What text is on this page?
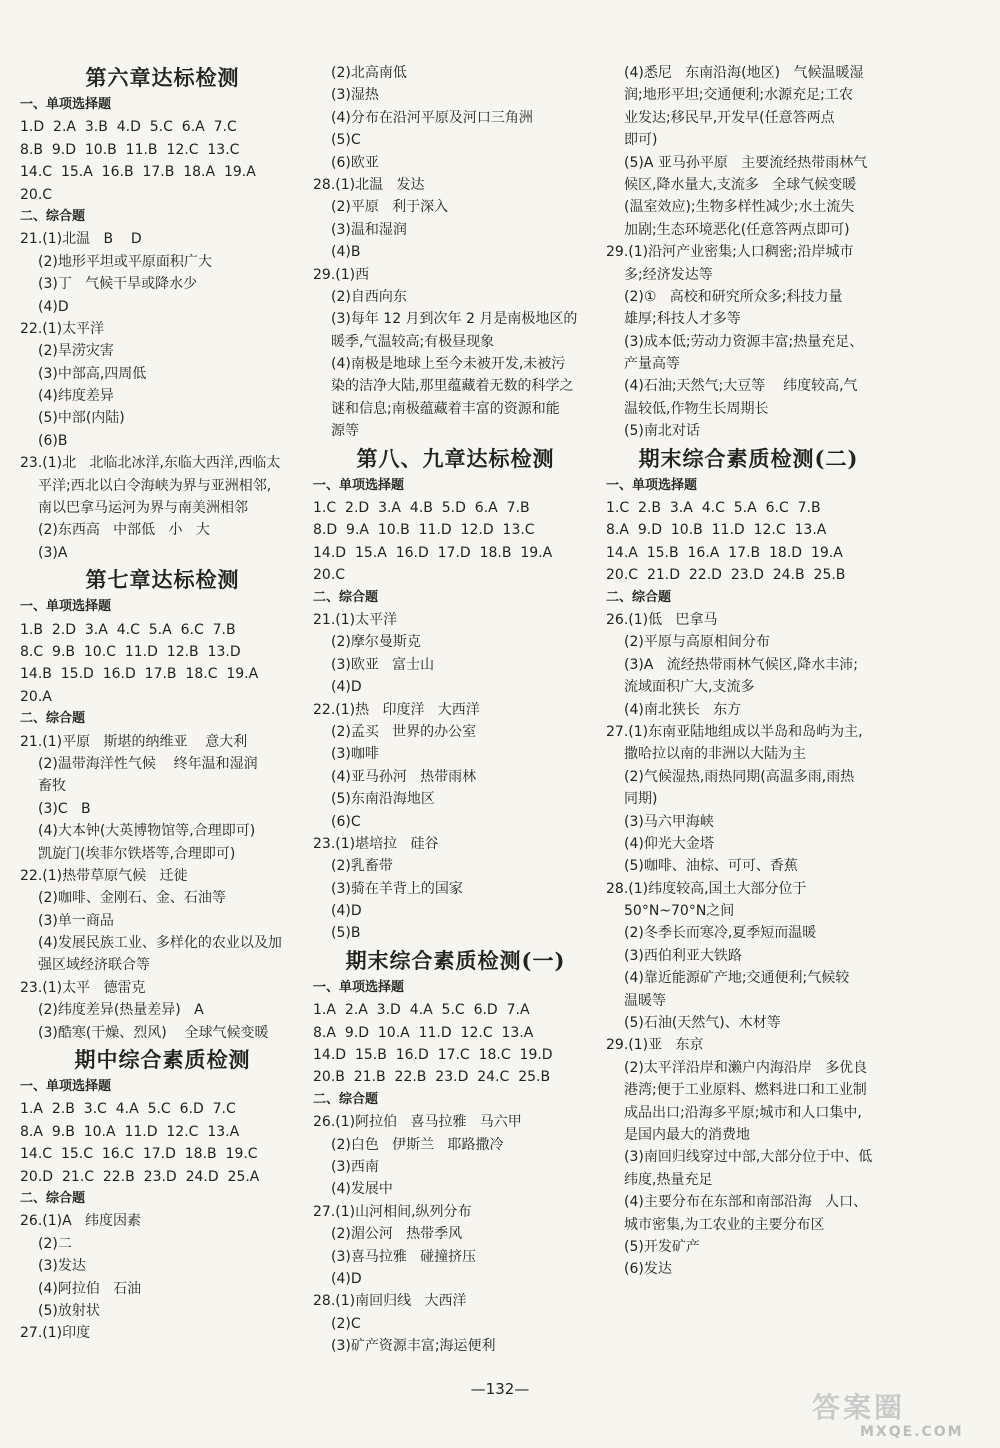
第六章达标检测
一、单项选择题
1.D  2.A  3.B  4.D  5.C  6.A  7.C
8.B  9.D  10.B  11.B  12.C  13.C
14.C  15.A  16.B  17.B  18.A  19.A
20.C
二、综合题
21.(1)北温   B    D
(2)地形平坦或平原面积广大
(3)丁   气候干旱或降水少
(4)D
22.(1)太平洋
(2)旱涝灾害
(3)中部高,四周低
(4)纬度差异
(5)中部(内陆)
(6)B
23.(1)北   北临北冰洋,东临大西洋,西临太
平洋;西北以白令海峡为界与亚洲相邻,
南以巴拿马运河为界与南美洲相邻
(2)东西高   中部低   小   大
(3)A
第七章达标检测
一、单项选择题
1.B  2.D  3.A  4.C  5.A  6.C  7.B
8.C  9.B  10.C  11.D  12.B  13.D
14.B  15.D  16.D  17.B  18.C  19.A
20.A
二、综合题
21.(1)平原   斯堪的纳维亚    意大利
(2)温带海洋性气候    终年温和湿润
畜牧
(3)C   B
(4)大本钟(大英博物馆等,合理即可)
凯旋门(埃菲尔铁塔等,合理即可)
22.(1)热带草原气候   迁徙
(2)咖啡、金刚石、金、石油等
(3)单一商品
(4)发展民族工业、多样化的农业以及加
强区域经济联合等
23.(1)太平   德雷克
(2)纬度差异(热量差异)   A
(3)酷寒(干燥、烈风)    全球气候变暖
期中综合素质检测
一、单项选择题
1.A  2.B  3.C  4.A  5.C  6.D  7.C
8.A  9.B  10.A  11.D  12.C  13.A
14.C  15.C  16.C  17.D  18.B  19.C
20.D  21.C  22.B  23.D  24.D  25.A
二、综合题
26.(1)A   纬度因素
(2)二
(3)发达
(4)阿拉伯   石油
(5)放射状
27.(1)印度
(2)北高南低
(3)湿热
(4)分布在沿河平原及河口三角洲
(5)C
(6)欧亚
28.(1)北温   发达
(2)平原   利于深入
(3)温和湿润
(4)B
29.(1)西
(2)自西向东
(3)每年 12 月到次年 2 月是南极地区的
暖季,气温较高;有极昼现象
(4)南极是地球上至今未被开发,未被污
染的洁净大陆,那里蕴藏着无数的科学之
谜和信息;南极蕴藏着丰富的资源和能
源等
第八、九章达标检测
一、单项选择题
1.C  2.D  3.A  4.B  5.D  6.A  7.B
8.D  9.A  10.B  11.D  12.D  13.C
14.D  15.A  16.D  17.D  18.B  19.A
20.C
二、综合题
21.(1)太平洋
(2)摩尔曼斯克
(3)欧亚   富士山
(4)D
22.(1)热   印度洋   大西洋
(2)孟买   世界的办公室
(3)咖啡
(4)亚马孙河   热带雨林
(5)东南沿海地区
(6)C
23.(1)堪培拉   硅谷
(2)乳畜带
(3)骑在羊背上的国家
(4)D
(5)B
期末综合素质检测(一)
一、单项选择题
1.A  2.A  3.D  4.A  5.C  6.D  7.A
8.A  9.D  10.A  11.D  12.C  13.A
14.D  15.B  16.D  17.C  18.C  19.D
20.B  21.B  22.B  23.D  24.C  25.B
二、综合题
26.(1)阿拉伯   喜马拉雅   马六甲
(2)白色   伊斯兰   耶路撒冷
(3)西南
(4)发展中
27.(1)山河相间,纵列分布
(2)湄公河   热带季风
(3)喜马拉雅   碰撞挤压
(4)D
28.(1)南回归线   大西洋
(2)C
(3)矿产资源丰富;海运便利
(4)悉尼   东南沿海(地区)   气候温暖湿
润;地形平坦;交通便利;水源充足;工农
业发达;移民早,开发早(任意答两点
即可)
(5)A 亚马孙平原   主要流经热带雨林气
候区,降水量大,支流多   全球气候变暖
(温室效应);生物多样性减少;水土流失
加剧;生态环境恶化(任意答两点即可)
29.(1)沿河产业密集;人口稠密;沿岸城市
多;经济发达等
(2)①   高校和研究所众多;科技力量
雄厚;科技人才多等
(3)成本低;劳动力资源丰富;热量充足、
产量高等
(4)石油;天然气;大豆等    纬度较高,气
温较低,作物生长周期长
(5)南北对话
期末综合素质检测(二)
一、单项选择题
1.C  2.B  3.A  4.C  5.A  6.C  7.B
8.A  9.D  10.B  11.D  12.C  13.A
14.A  15.B  16.A  17.B  18.D  19.A
20.C  21.D  22.D  23.D  24.B  25.B
二、综合题
26.(1)低   巴拿马
(2)平原与高原相间分布
(3)A   流经热带雨林气候区,降水丰沛;
流域面积广大,支流多
(4)南北狭长   东方
27.(1)东南亚陆地组成以半岛和岛屿为主,
撒哈拉以南的非洲以大陆为主
(2)气候湿热,雨热同期(高温多雨,雨热
同期)
(3)马六甲海峡
(4)仰光大金塔
(5)咖啡、油棕、可可、香蕉
28.(1)纬度较高,国土大部分位于
50°N~70°N之间
(2)冬季长而寒冷,夏季短而温暖
(3)西伯利亚大铁路
(4)靠近能源矿产地;交通便利;气候较
温暖等
(5)石油(天然气)、木材等
29.(1)亚   东京
(2)太平洋沿岸和濑户内海沿岸   多优良
港湾;便于工业原料、燃料进口和工业制
成品出口;沿海多平原;城市和人口集中,
是国内最大的消费地
(3)南回归线穿过中部,大部分位于中、低
纬度,热量充足
(4)主要分布在东部和南部沿海   人口、
城市密集,为工农业的主要分布区
(5)开发矿产
(6)发达
—132—
答案圈
MXQE.COM
